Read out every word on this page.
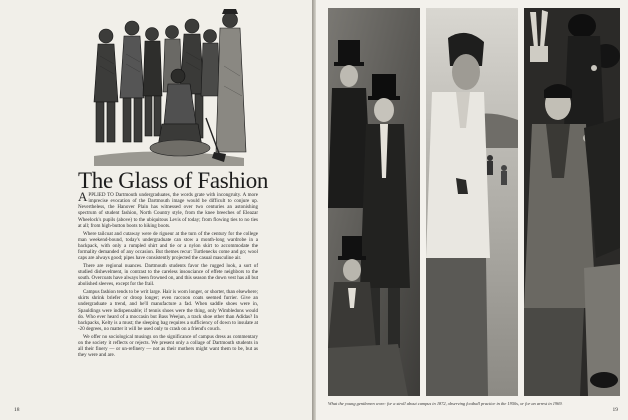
The Glass of Fashion

APPLIED TO Dartmouth undergraduates, the words grate with incongruity. A more imprecise evocation of the Dartmouth image would be difficult to conjure up. Nevertheless, the Hanover Plain has witnessed over two centuries an astonishing spectrum of student fashion, North Country style, from the knee breeches of Eleazar Wheelock's pupils (above) to the ubiquitous Levis of today; from flowing ties to no ties at all; from high-button boots to hiking boots.

Where tailcoat and cutaway were de rigueur at the turn of the century for the college man weekend-bound, today's undergraduate can stow a month-long wardrobe in a backpack, with only a rumpled shirt and tie or a nylon skirt to accommodate the formality demanded of any occasion. But themes recur: Turtlenecks come and go; wool caps are always good; pipes have consistently projected the casual masculine air.

There are regional nuances. Dartmouth students favor the rugged look, a sort of studied dishevelment, in contrast to the careless insouciance of effete neighbors to the south. Overcoats have always been frowned on, and this season the down vest has all but abolished sleeves, except for the frail.

Campus fashion tends to be writ large. Hair is worn longer, or shorter, than elsewhere; skirts shrink briefer or droop longer; even raccoon coats seemed furrier. Give an undergraduate a trend, and he'll manufacture a fad. When saddle shoes were in, Spauldings were indispensable; if tennis shoes were the thing, only Wimbledons would do. Who ever heard of a moccasin but Bass Weejun, a track shoe other than Adidas? In backpacks, Kelty is a must; the sleeping bag requires a sufficiency of down to insulate at -20 degrees, no matter it will be used only to crash on a friend's couch.

We offer no sociological musings on the significance of campus dress as commentary on the society it reflects or rejects. We present only a collage of Dartmouth students in all their finery — or un-refinery — not as their mothers might want them to be, but as they were and are.

18
What the young gentlemen wore: for a stroll about campus in 1872, observing football practice in the 1950s, or for an arrest in 1969.
19
